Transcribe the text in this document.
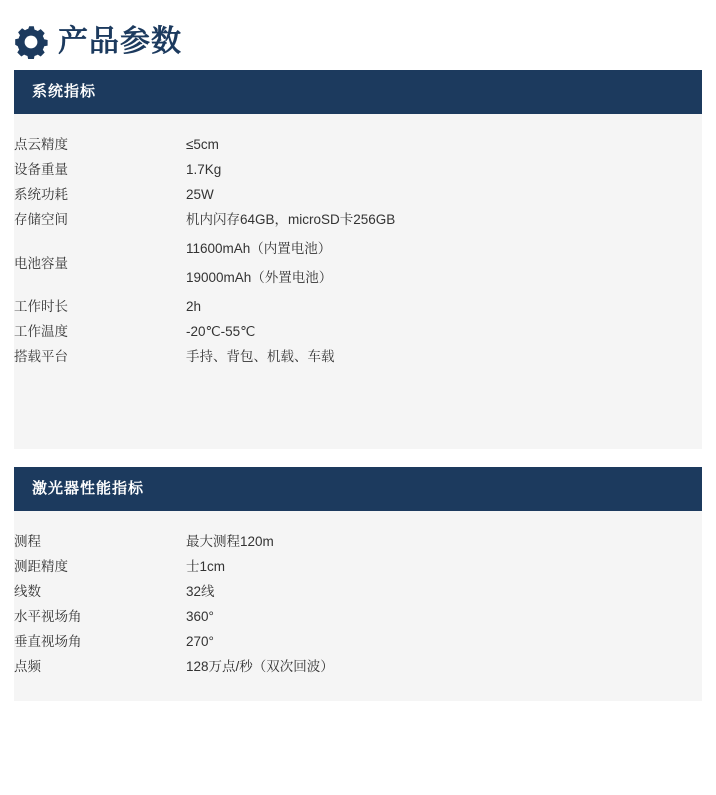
产品参数
系统指标
点云精度	≤5cm
设备重量	1.7Kg
系统功耗	25W
存储空间	机内闪存64GB，microSD卡256GB
电池容量	11600mAh（内置电池）
19000mAh（外置电池）

工作时长	2h
工作温度	-20℃-55℃
搭载平台	手持、背包、机载、车载
激光器性能指标
测程	最大测程120m
测距精度	士1cm
线数	32线
水平视场角	360°
垂直视场角	270°
点频	128万点/秒（双次回波）
